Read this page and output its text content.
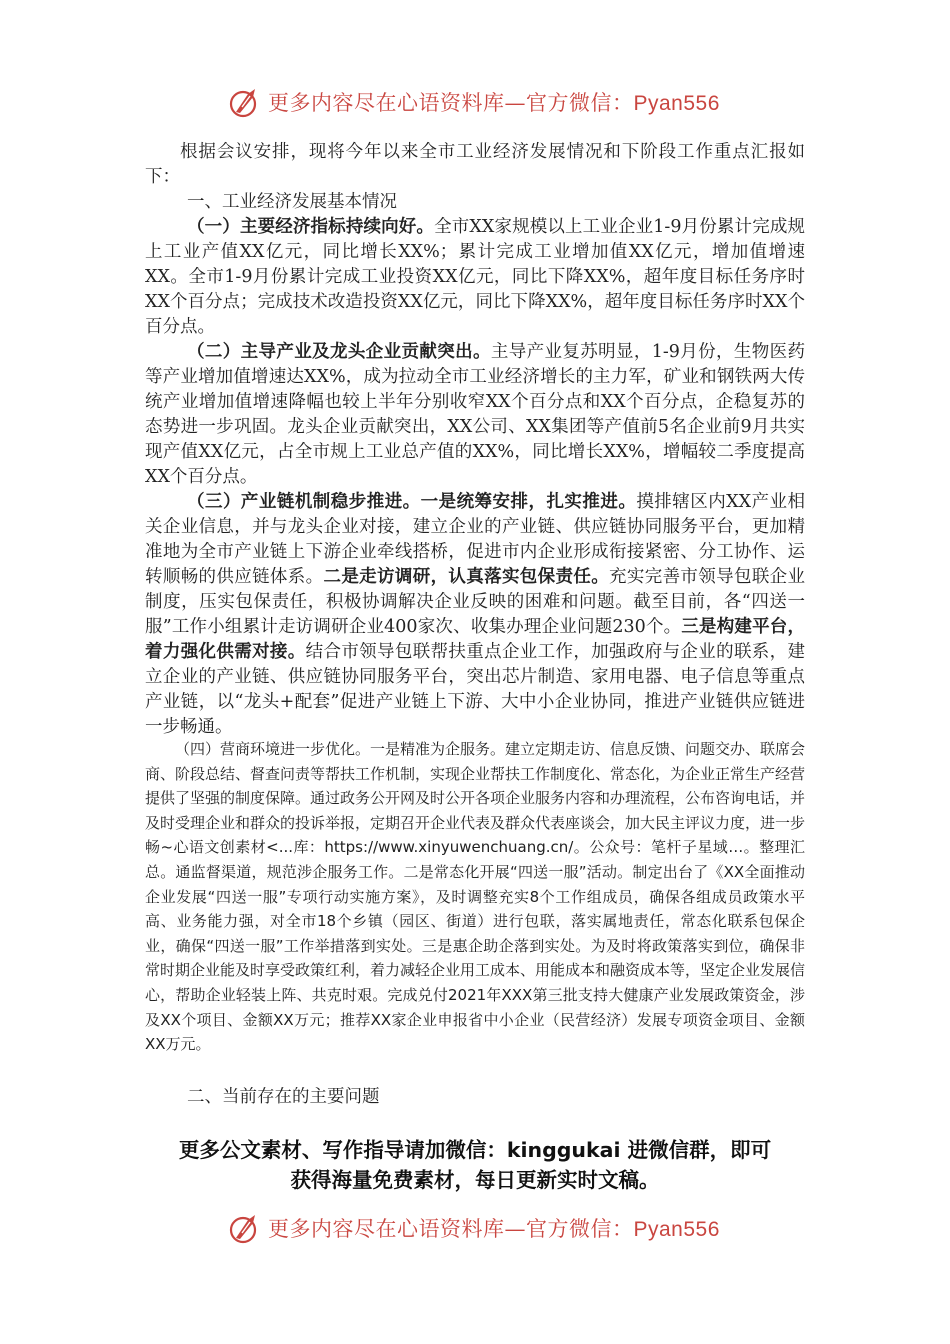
更多内容尽在心语资料库—官方微信：Pyan556

根据会议安排，现将今年以来全市工业经济发展情况和下阶段工作重点汇报如下：

一、工业经济发展基本情况

（一）主要经济指标持续向好。全市XX家规模以上工业企业1-9月份累计完成规上工业产值XX亿元，同比增长XX%；累计完成工业增加值XX亿元，增加值增速 XX。全市1-9月份累计完成工业投资XX亿元，同比下降XX%，超年度目标任务序时XX个百分点；完成技术改造投资XX亿元，同比下降XX%，超年度目标任务序时XX个百分点。

（二）主导产业及龙头企业贡献突出。主导产业复苏明显，1-9月份，生物医药等产业增加值增速达XX%，成为拉动全市工业经济增长的主力军，矿业和钢铁两大传统产业增加值增速降幅也较上半年分别收窄XX个百分点和XX个百分点，企稳复苏的态势进一步巩固。龙头企业贡献突出，XX公司、XX集团等产值前5名企业前9月共实现产值XX亿元，占全市规上工业总产值的XX%，同比增长XX%，增幅较二季度提高XX个百分点。

（三）产业链机制稳步推进。一是统筹安排，扎实推进。摸排辖区内XX产业相关企业信息，并与龙头企业对接，建立企业的产业链、供应链协同服务平台，更加精准地为全市产业链上下游企业牵线搭桥，促进市内企业形成衔接紧密、分工协作、运转顺畅的供应链体系。二是走访调研，认真落实包保责任。充实完善市领导包联企业制度，压实包保责任，积极协调解决企业反映的困难和问题。截至目前，各“四送一服”工作小组累计走访调研企业400家次、收集办理企业问题230个。三是构建平台，着力强化供需对接。结合市领导包联帮扶重点企业工作，加强政府与企业的联系，建立企业的产业链、供应链协同服务平台，突出芯片制造、家用电器、电子信息等重点产业链，以“龙头+配套”促进产业链上下游、大中小企业协同，推进产业链供应链进一步畅通。

（四）营商环境进一步优化。一是精准为企服务。建立定期走访、信息反馈、问题交办、联席会商、阶段总结、督查问责等帮扶工作机制，实现企业帮扶工作制度化、常态化，为企业正常生产经营提供了坚强的制度保障。通过政务公开网及时公开各项企业服务内容和办理流程，公布咨询电话，并及时受理企业和群众的投诉举报，定期召开企业代表及群众代表座谈会，加大民主评议力度，进一步畅~心语文创素材<...库：https://www.xinyuwenchuang.cn/。公众号：笔杆子星域…。整理汇总。通监督渠道，规范涉企服务工作。二是常态化开展“四送一服”活动。制定出台了《XX全面推动企业发展“四送一服”专项行动实施方案》，及时调整充实8个工作组成员，确保各组成员政策水平高、业务能力强，对全市18个乡镇（园区、街道）进行包联，落实属地责任，常态化联系包保企业，确保“四送一服”工作举措落到实处。三是惠企助企落到实处。为及时将政策落实到位，确保非常时期企业能及时享受政策红利，着力减轻企业用工成本、用能成本和融资成本等，坚定企业发展信心，帮助企业轻装上阵、共克时艰。完成兑付2021年XXX第三批支持大健康产业发展政策资金，涉及XX个项目、金额XX万元；推荐XX家企业申报省中小企业（民营经济）发展专项资金项目、金额XX万元。

二、当前存在的主要问题
更多公文素材、写作指导请加微信：kinggukai 进微信群，即可
获得海量免费素材，每日更新实时文稿。
更多内容尽在心语资料库—官方微信：Pyan556
